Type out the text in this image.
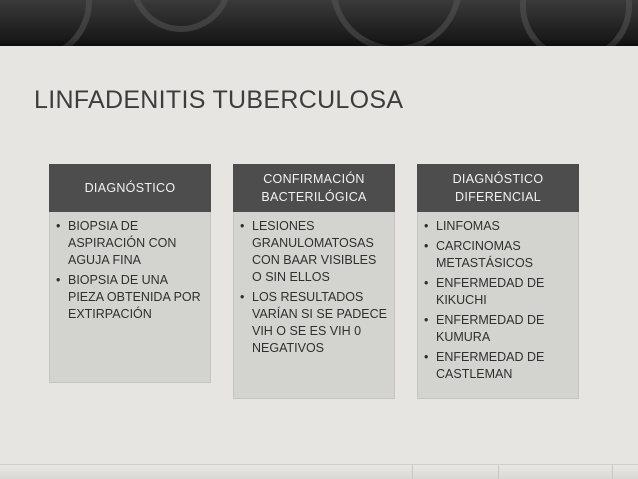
LINFADENITIS TUBERCULOSA
DIAGNÓSTICO
• BIOPSIA DE ASPIRACIÓN CON AGUJA FINA
• BIOPSIA DE UNA PIEZA OBTENIDA POR EXTIRPACIÓN
CONFIRMACIÓN BACTERILÓGICA
• LESIONES GRANULOMATOSAS CON BAAR VISIBLES O SIN ELLOS
• LOS RESULTADOS VARÍAN SI SE PADECE VIH O SE ES VIH 0 NEGATIVOS
DIAGNÓSTICO DIFERENCIAL
• LINFOMAS
• CARCINOMAS METASTÁSICOS
• ENFERMEDAD DE KIKUCHI
• ENFERMEDAD DE KUMURA
• ENFERMEDAD DE CASTLEMAN
